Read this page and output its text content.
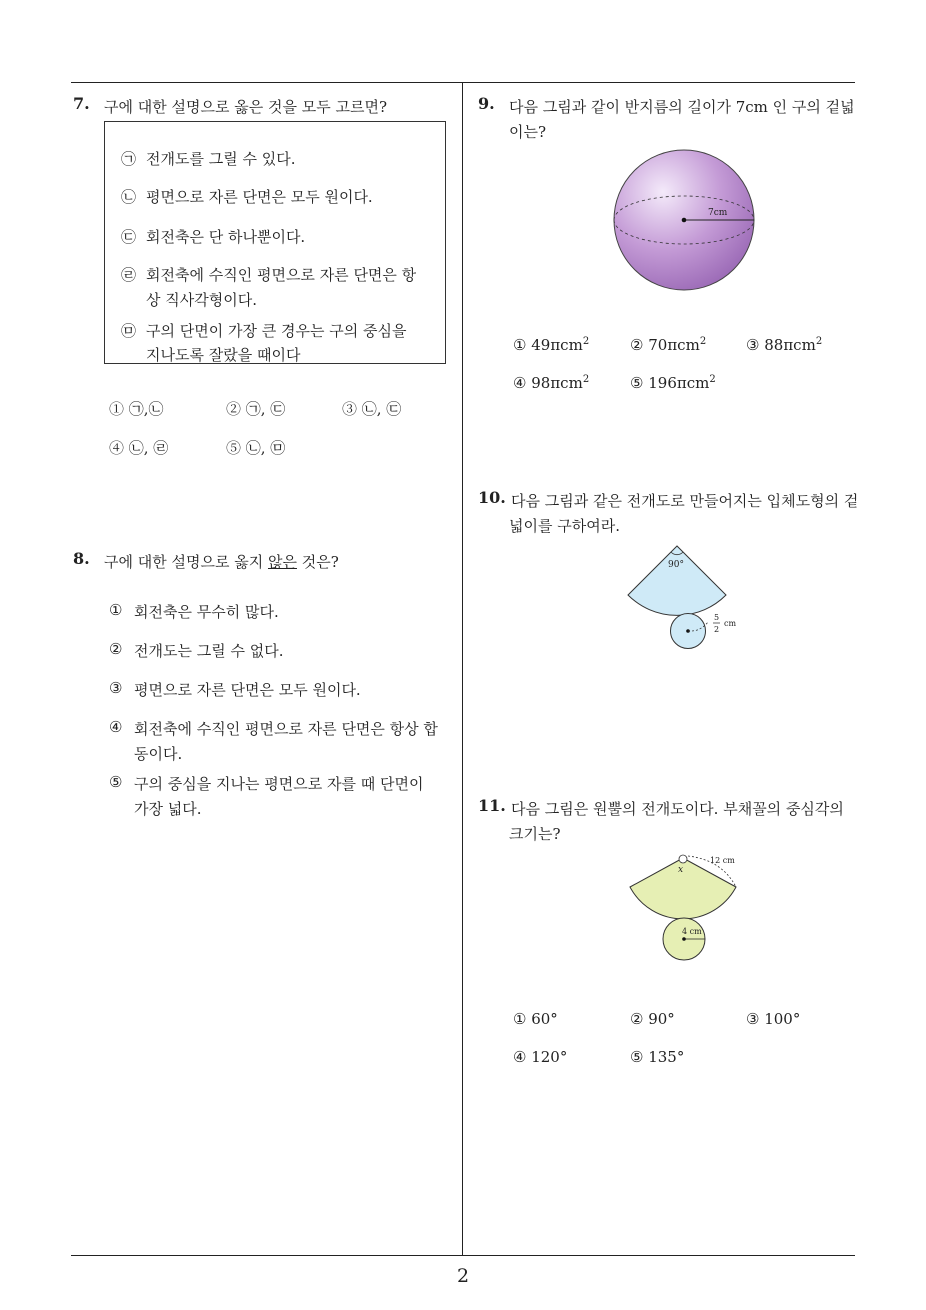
7. 구에 대한 설명으로 옳은 것을 모두 고르면?
㉠ 전개도를 그릴 수 있다.
㉡ 평면으로 자른 단면은 모두 원이다.
㉢ 회전축은 단 하나뿐이다.
㉣ 회전축에 수직인 평면으로 자른 단면은 항
상 직사각형이다.
㉤ 구의 단면이 가장 큰 경우는 구의 중심을
지나도록 잘랐을 때이다
① ㉠,㉡	② ㉠, ㉢	③ ㉡, ㉢
④ ㉡, ㉣	⑤ ㉡, ㉤
8. 구에 대한 설명으로 옳지 않은 것은?
① 회전축은 무수히 많다.
② 전개도는 그릴 수 없다.
③ 평면으로 자른 단면은 모두 원이다.
④ 회전축에 수직인 평면으로 자른 단면은 항상 합
동이다.
⑤ 구의 중심을 지나는 평면으로 자를 때 단면이
가장 넓다.
9. 다음 그림과 같이 반지름의 길이가 7cm 인 구의 겉넓
이는?
7cm
① 49πcm$^2$	② 70πcm$^2$	③ 88πcm$^2$
④ 98πcm$^2$	⑤ 196πcm$^2$
10. 다음 그림과 같은 전개도로 만들어지는 입체도형의 겉
넓이를 구하여라.
90°
5
2
cm
11. 다음 그림은 원뿔의 전개도이다. 부채꼴의 중심각의
크기는?
x
12 cm
4 cm
① 60°	② 90°	③ 100°
④ 120°	⑤ 135°
2
